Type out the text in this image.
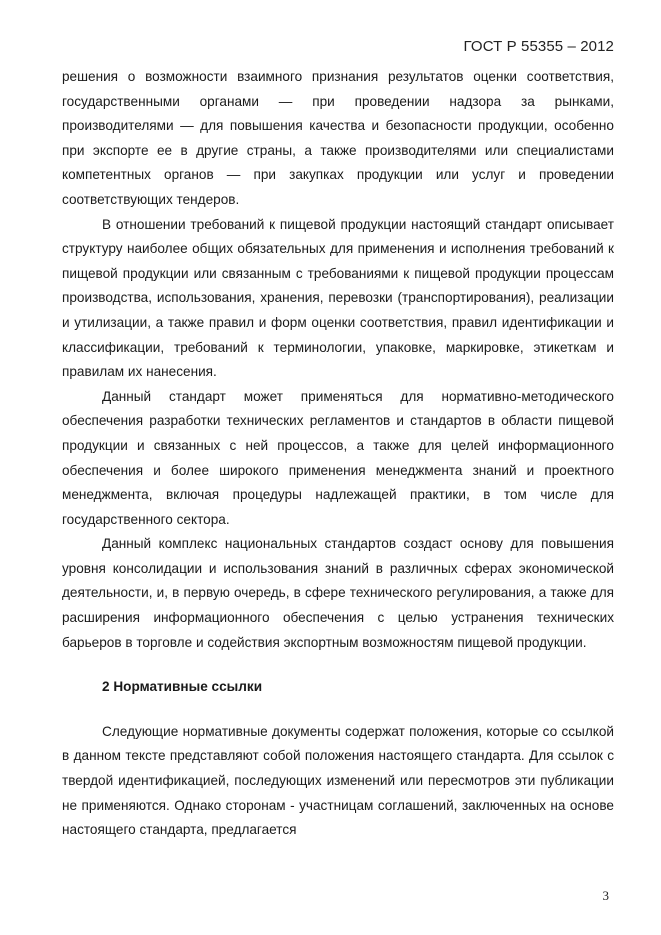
ГОСТ Р 55355 – 2012

решения о возможности взаимного признания результатов оценки соответствия, государственными органами — при проведении надзора за рынками, производителями — для повышения качества и безопасности продукции, особенно при экспорте ее в другие страны, а также производителями или специалистами компетентных органов — при закупках продукции или услуг и проведении соответствующих тендеров.

В отношении требований к пищевой продукции настоящий стандарт описывает структуру наиболее общих обязательных для применения и исполнения требований к пищевой продукции или связанным с требованиями к пищевой продукции процессам производства, использования, хранения, перевозки (транспортирования), реализации и утилизации, а также правил и форм оценки соответствия, правил идентификации и классификации, требований к терминологии, упаковке, маркировке, этикеткам и правилам их нанесения.

Данный стандарт может применяться для нормативно-методического обеспечения разработки технических регламентов и стандартов в области пищевой продукции и связанных с ней процессов, а также для целей информационного обеспечения и более широкого применения менеджмента знаний и проектного менеджмента, включая процедуры надлежащей практики, в том числе для государственного сектора.

Данный комплекс национальных стандартов создаст основу для повышения уровня консолидации и использования знаний в различных сферах экономической деятельности, и, в первую очередь, в сфере технического регулирования, а также для расширения информационного обеспечения с целью устранения технических барьеров в торговле и содействия экспортным возможностям пищевой продукции.

2 Нормативные ссылки

Следующие нормативные документы содержат положения, которые со ссылкой в данном тексте представляют собой положения настоящего стандарта. Для ссылок с твердой идентификацией, последующих изменений или пересмотров эти публикации не применяются. Однако сторонам - участницам соглашений, заключенных на основе настоящего стандарта, предлагается

3
